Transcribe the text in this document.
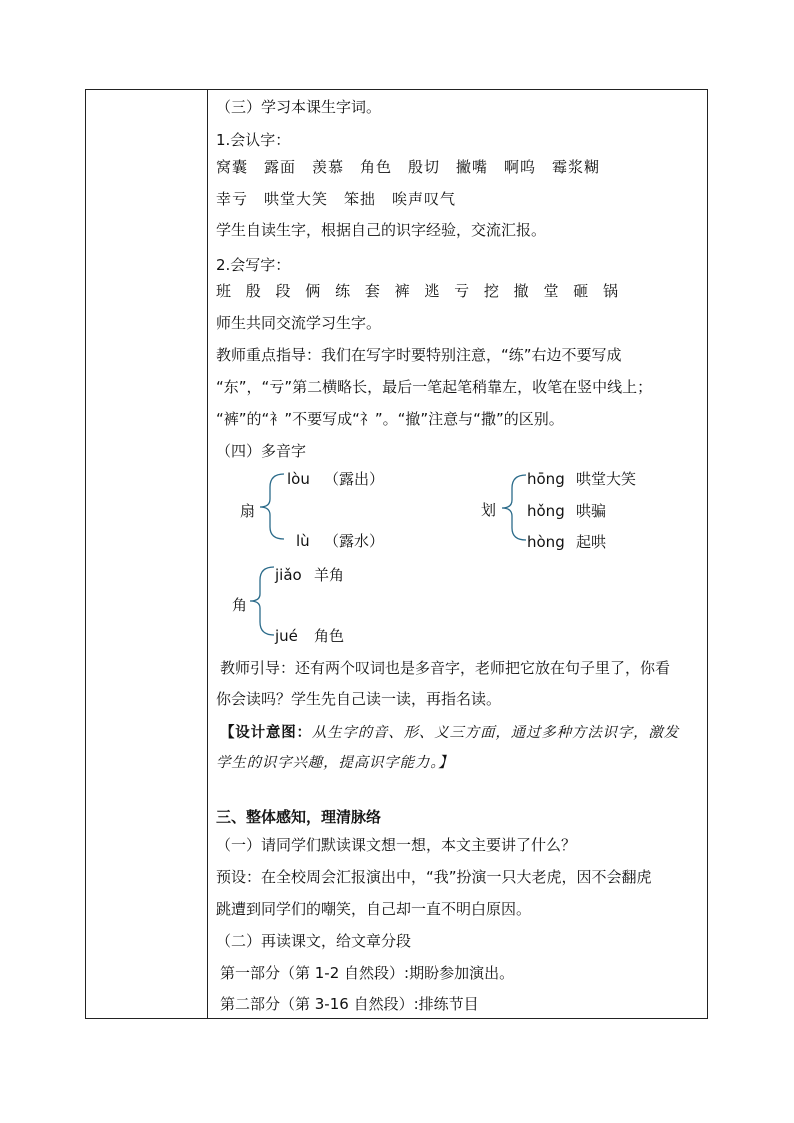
（三）学习本课生字词。
1.会认字：
窝囊　露面　羡慕　角色　殷切　撇嘴　啊呜　霉浆糊
幸亏　哄堂大笑　笨拙　唉声叹气
学生自读生字，根据自己的识字经验，交流汇报。
2.会写字：
班 殷 段 俩 练 套 裤 逃 亏 挖 撤 堂 砸 锅
师生共同交流学习生字。
教师重点指导：我们在写字时要特别注意，“练”右边不要写成
“东”，“亏”第二横略长，最后一笔起笔稍靠左，收笔在竖中线上；
“裤”的“衤”不要写成“礻”。“撤”注意与“撒”的区别。
（四）多音字
扇
lòu （露出）
lù （露水）
划
hōng 哄堂大笑
hǒng 哄骗
hòng 起哄
角
jiǎo 羊角
jué 角色
教师引导：还有两个叹词也是多音字，老师把它放在句子里了，你看
你会读吗？学生先自己读一读，再指名读。
【设计意图：从生字的音、形、义三方面，通过多种方法识字，激发
学生的识字兴趣，提高识字能力。】
三、整体感知，理清脉络
（一）请同学们默读课文想一想，本文主要讲了什么？
预设：在全校周会汇报演出中，“我”扮演一只大老虎，因不会翻虎
跳遭到同学们的嘲笑，自己却一直不明白原因。
（二）再读课文，给文章分段
第一部分（第 1-2 自然段）:期盼参加演出。
第二部分（第 3-16 自然段）:排练节目
